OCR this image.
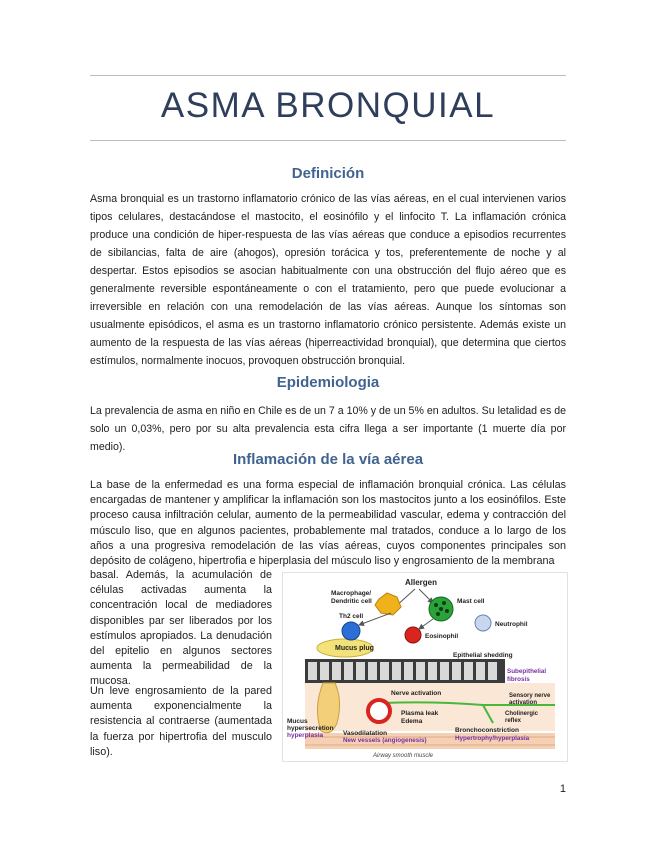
ASMA BRONQUIAL
Definición

Asma bronquial es un trastorno inflamatorio crónico de las vías aéreas, en el cual intervienen varios tipos celulares, destacándose el mastocito, el eosinófilo y el linfocito T. La inflamación crónica produce una condición de hiper-respuesta de las vías aéreas que conduce a episodios recurrentes de sibilancias, falta de aire (ahogos), opresión torácica y tos, preferentemente de noche y al despertar. Estos episodios se asocian habitualmente con una obstrucción del flujo aéreo que es generalmente reversible espontáneamente o con el tratamiento, pero que puede evolucionar a irreversible en relación con una remodelación de las vías aéreas. Aunque los síntomas son usualmente episódicos, el asma es un trastorno inflamatorio crónico persistente. Además existe un aumento de la respuesta de las vías aéreas (hiperreactividad bronquial), que determina que ciertos estímulos, normalmente inocuos, provoquen obstrucción bronquial.

Epidemiologia

La prevalencia de asma en niño en Chile es de un 7 a 10% y de un 5% en adultos. Su letalidad es de solo un 0,03%, pero por su alta prevalencia esta cifra llega a ser importante (1 muerte día por medio).

Inflamación de la vía aérea

La base de la enfermedad es una forma especial de inflamación bronquial crónica. Las células encargadas de mantener y amplificar la inflamación son los mastocitos junto a los eosinófilos. Este proceso causa infiltración celular, aumento de la permeabilidad vascular, edema y contracción del músculo liso, que en algunos pacientes, probablemente mal tratados, conduce a lo largo de los años a una progresiva remodelación de las vías aéreas, cuyos componentes principales son depósito de colágeno, hipertrofia e hiperplasia del músculo liso y engrosamiento de la membrana

basal. Además, la acumulación de células activadas aumenta la concentración local de mediadores disponibles par ser liberados por los estímulos apropiados. La denudación del epitelio en algunos sectores aumenta la permeabilidad de la mucosa.

Un leve engrosamiento de la pared aumenta exponencialmente la resistencia al contraerse (aumentada la fuerza por hipertrofia del musculo liso).

Mucus plug
Allergen
Macrophage/
Dendritic cell	Mast cell
Th2 cell
Neutrophil
Eosinophil
Epithelial shedding
Nerve activation
Subepithelial
fibrosis
Sensory nerve
activation
Plasma leak
Edema
Mucus
hypersecretion
hyperplasia	Vasodilatation
New vessels (angiogenesis)
Cholinergic
reflex
Bronchoconstriction
Hypertrophy/hyperplasia
Airway smooth muscle
1
